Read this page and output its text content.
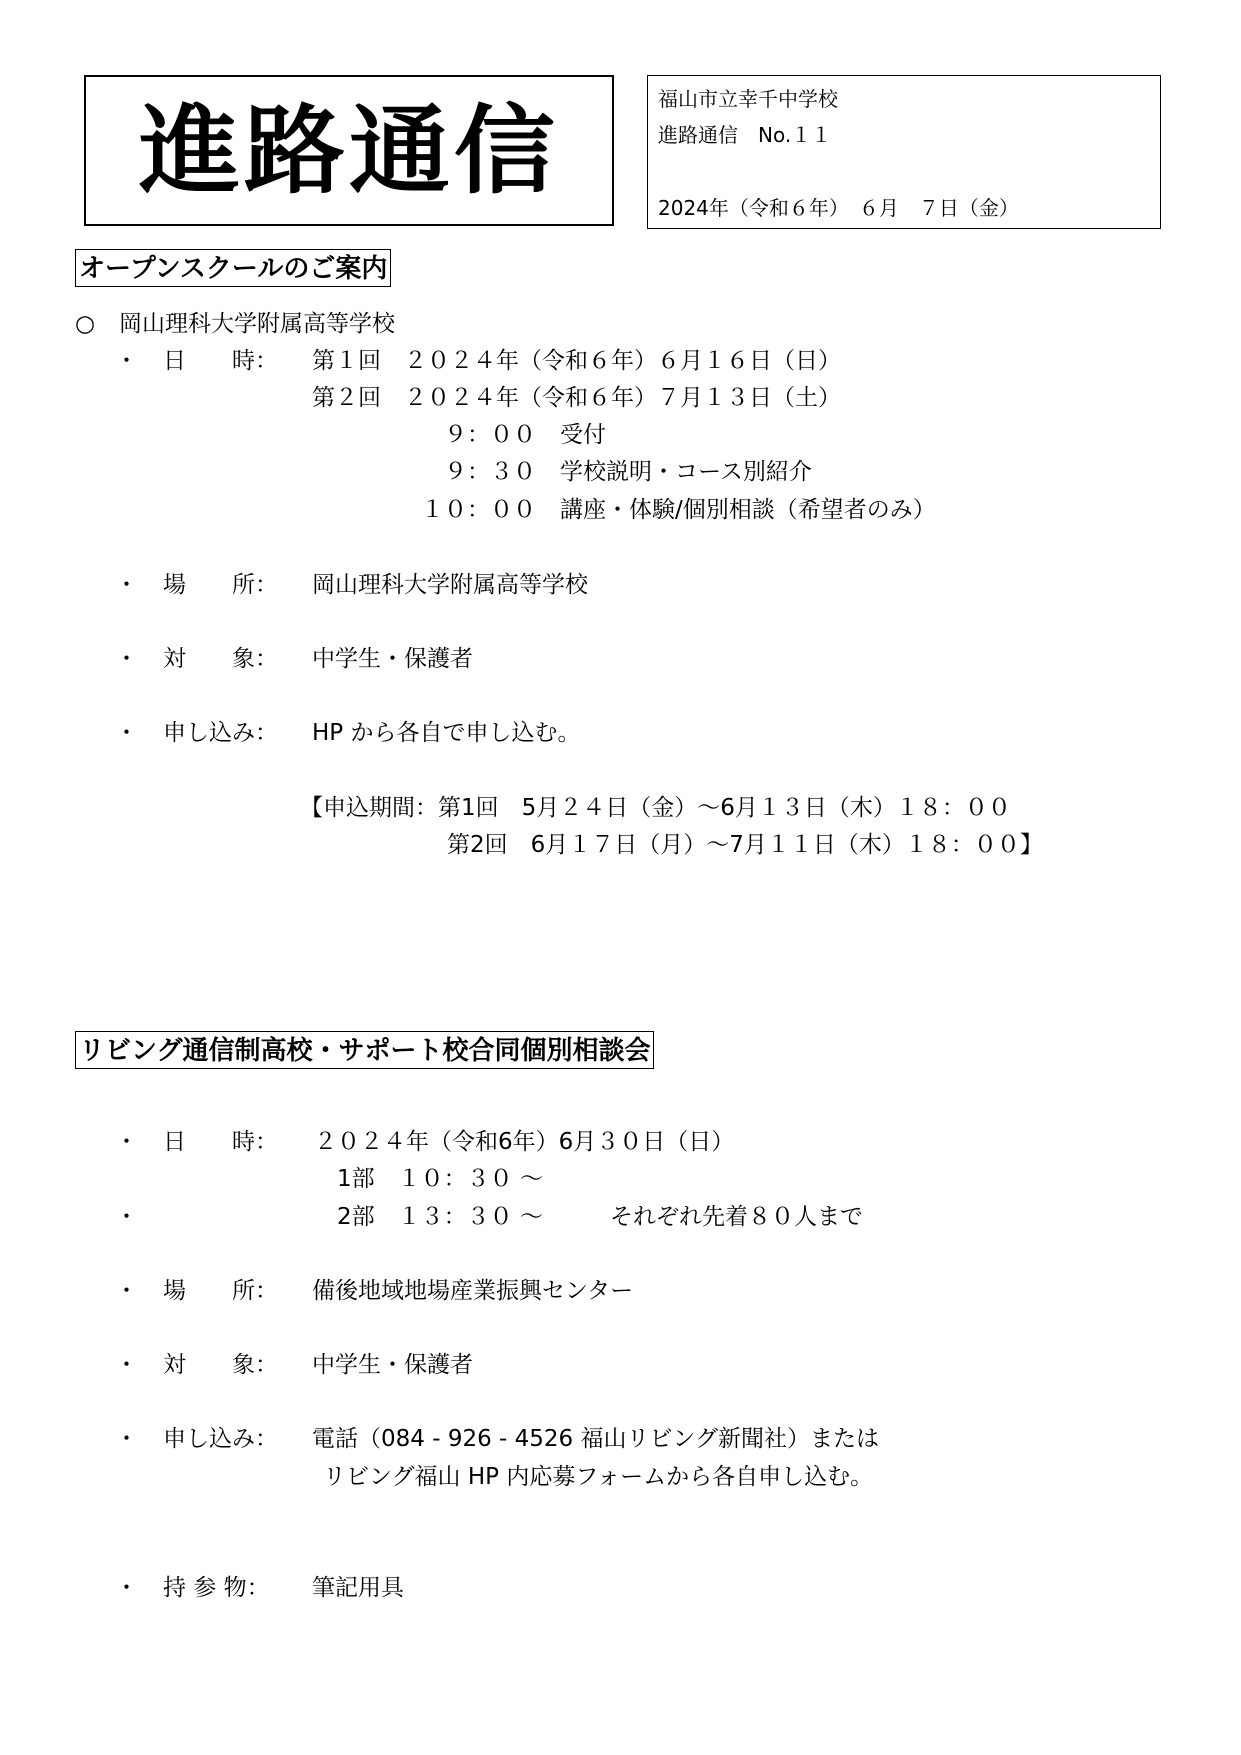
進路通信	福山市立幸千中学校
進路通信　No.１１
2024年（令和６年）　６月　７日（金）
オープンスクールのご案内
○ 岡山理科大学附属高等学校
・ 日　　時： 第１回　２０２４年（令和６年）６月１６日（日）
第２回　２０２４年（令和６年）７月１３日（土）
９：００ 受付
９：３０ 学校説明・コース別紹介
１０：００ 講座・体験/個別相談（希望者のみ）
・ 場　　所： 岡山理科大学附属高等学校
・ 対　　象： 中学生・保護者
・ 申し込み： HP から各自で申し込む。
【申込期間：第1回　5月２４日（金）～6月１３日（木）１８：００
第2回　6月１７日（月）～7月１１日（木）１８：００】
リビング通信制高校・サポート校合同個別相談会
・ 日　　時： ２０２４年（令和6年）6月３０日（日）
1部　１０：３０ ～
・	2部　１３：３０ ～	それぞれ先着８０人まで
・ 場　　所： 備後地域地場産業振興センター
・ 対　　象： 中学生・保護者
・ 申し込み： 電話（084 - 926 - 4526 福山リビング新聞社）または
リビング福山 HP 内応募フォームから各自申し込む。
・ 持 参 物： 筆記用具
